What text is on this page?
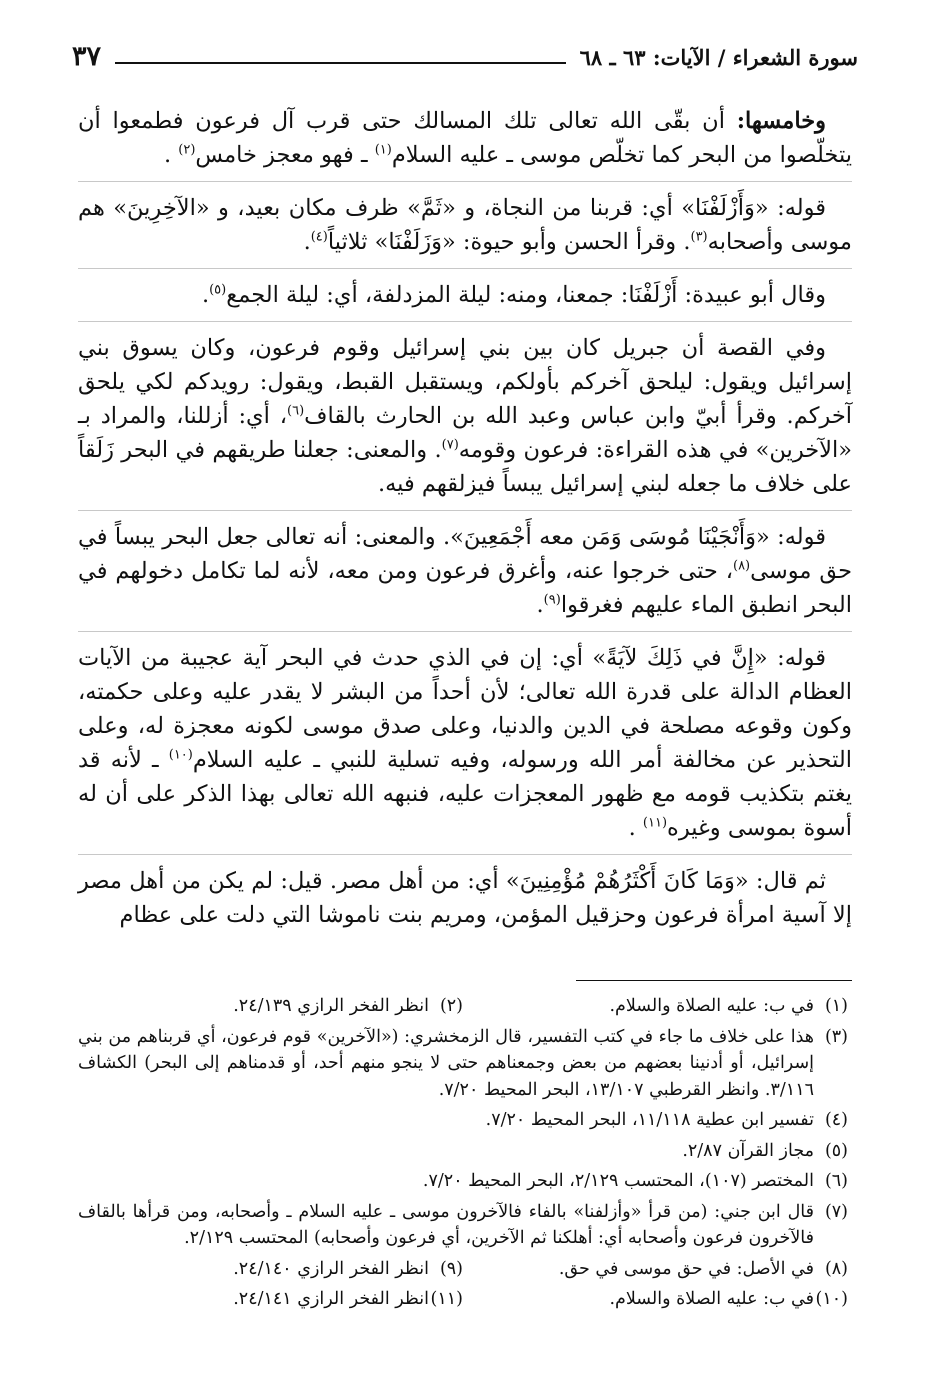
سورة الشعراء / الآيات: ٦٣ ـ ٦٨
٣٧

وخامسها: أن بقّى الله تعالى تلك المسالك حتى قرب آل فرعون فطمعوا أن يتخلّصوا من البحر كما تخلّص موسى ـ عليه السلام$^{(١)}$ ـ فهو معجز خامس$^{(٢)}$ .

قوله: «وَأَزْلَفْنَا» أي: قربنا من النجاة، و «ثَمَّ» ظرف مكان بعيد، و «الآخِرِينَ» هم موسى وأصحابه$^{(٣)}$. وقرأ الحسن وأبو حيوة: «وَزَلَفْنَا» ثلاثياً$^{(٤)}$.

وقال أبو عبيدة: أَزْلَفْنَا: جمعنا، ومنه: ليلة المزدلفة، أي: ليلة الجمع$^{(٥)}$.

وفي القصة أن جبريل كان بين بني إسرائيل وقوم فرعون، وكان يسوق بني إسرائيل ويقول: ليلحق آخركم بأولكم، ويستقبل القبط، ويقول: رويدكم لكي يلحق آخركم. وقرأ أبيّ وابن عباس وعبد الله بن الحارث بالقاف$^{(٦)}$، أي: أزللنا، والمراد بـ «الآخرين» في هذه القراءة: فرعون وقومه$^{(٧)}$. والمعنى: جعلنا طريقهم في البحر زَلَقاً على خلاف ما جعله لبني إسرائيل يبساً فيزلقهم فيه.

قوله: «وَأَنْجَيْنَا مُوسَى وَمَن معه أَجْمَعِينَ». والمعنى: أنه تعالى جعل البحر يبساً في حق موسى$^{(٨)}$، حتى خرجوا عنه، وأغرق فرعون ومن معه، لأنه لما تكامل دخولهم في البحر انطبق الماء عليهم فغرقوا$^{(٩)}$.

قوله: «إِنَّ في ذَلِكَ لآيَةً» أي: إن في الذي حدث في البحر آية عجيبة من الآيات العظام الدالة على قدرة الله تعالى؛ لأن أحداً من البشر لا يقدر عليه وعلى حكمته، وكون وقوعه مصلحة في الدين والدنيا، وعلى صدق موسى لكونه معجزة له، وعلى التحذير عن مخالفة أمر الله ورسوله، وفيه تسلية للنبي ـ عليه السلام$^{(١٠)}$ ـ لأنه قد يغتم بتكذيب قومه مع ظهور المعجزات عليه، فنبهه الله تعالى بهذا الذكر على أن له أسوة بموسى وغيره$^{(١١)}$ .

ثم قال: «وَمَا كَانَ أَكْثَرُهُمْ مُؤْمِنِينَ» أي: من أهل مصر. قيل: لم يكن من أهل مصر إلا آسية امرأة فرعون وحزقيل المؤمن، ومريم بنت ناموشا التي دلت على عظام

(١)
في ب: عليه الصلاة والسلام.
(٢)
انظر الفخر الرازي ٢٤/١٣٩.
(٣)
هذا على خلاف ما جاء في كتب التفسير، قال الزمخشري: («الآخرين» قوم فرعون، أي قربناهم من بني إسرائيل، أو أدنينا بعضهم من بعض وجمعناهم حتى لا ينجو منهم أحد، أو قدمناهم إلى البحر) الكشاف ٣/١١٦. وانظر القرطبي ١٣/١٠٧، البحر المحيط ٧/٢٠.
(٤)
تفسير ابن عطية ١١/١١٨، البحر المحيط ٧/٢٠.
(٥)
مجاز القرآن ٢/٨٧.
(٦)
المختصر (١٠٧)، المحتسب ٢/١٢٩، البحر المحيط ٧/٢٠.
(٧)
قال ابن جني: (من قرأ «وأزلفنا» بالفاء فالآخرون موسى ـ عليه السلام ـ وأصحابه، ومن قرأها بالقاف فالآخرون فرعون وأصحابه أي: أهلكنا ثم الآخرين، أي فرعون وأصحابه) المحتسب ٢/١٢٩.
(٨)
في الأصل: في حق موسى في حق.
(٩)
انظر الفخر الرازي ٢٤/١٤٠.
(١٠)
في ب: عليه الصلاة والسلام.
(١١)
انظر الفخر الرازي ٢٤/١٤١.
